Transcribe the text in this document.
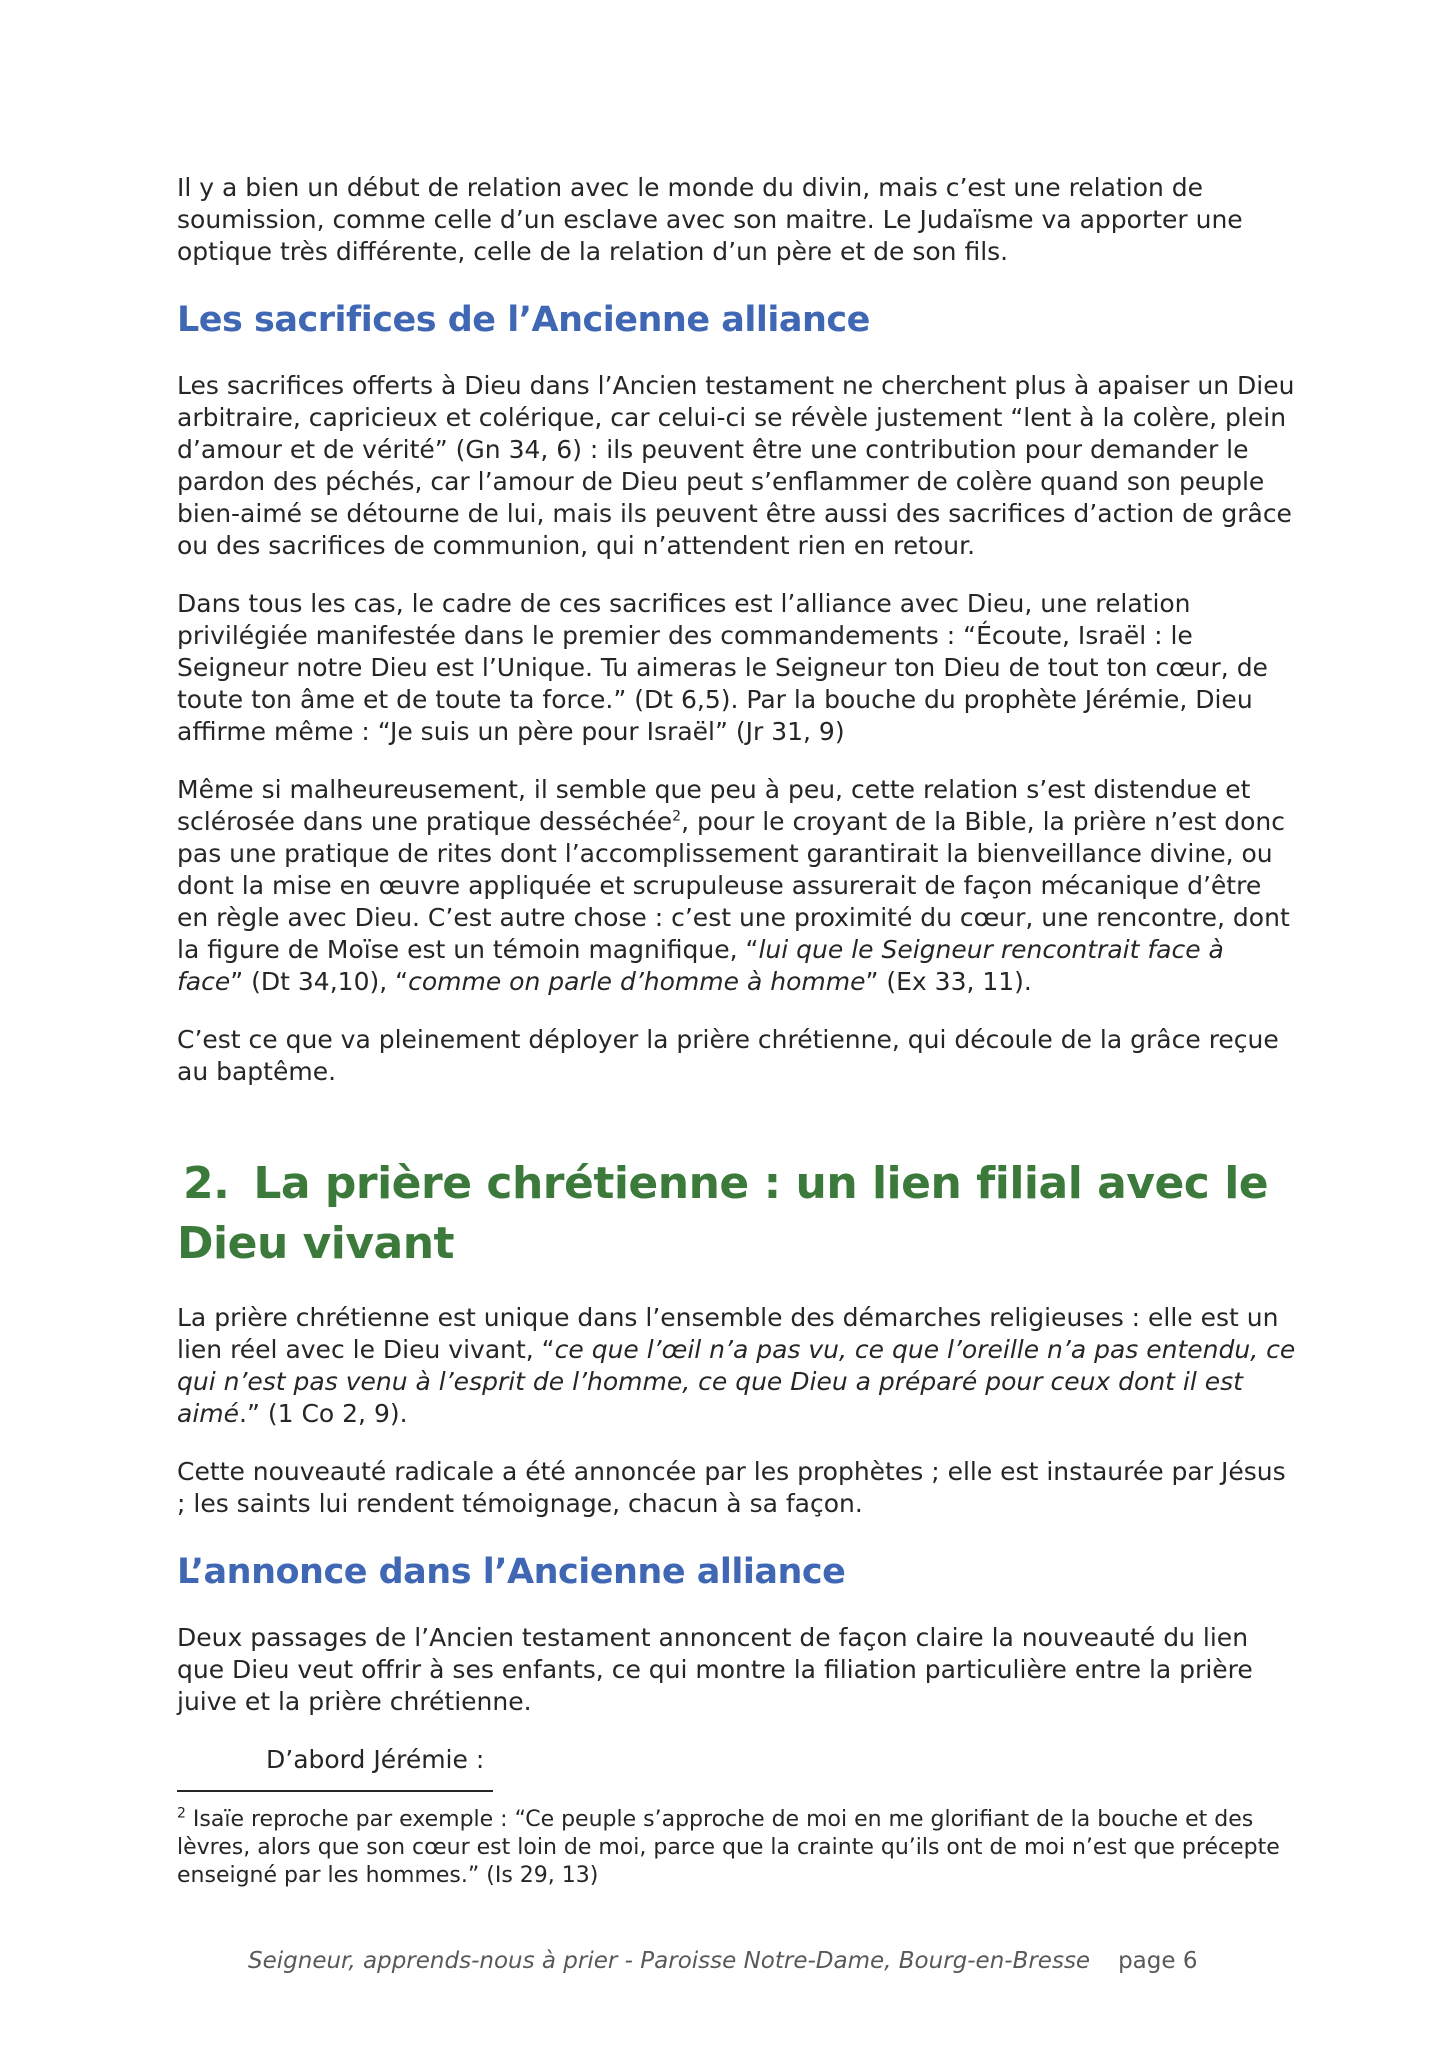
Il y a bien un début de relation avec le monde du divin, mais c’est une relation de soumission, comme celle d’un esclave avec son maitre. Le Judaïsme va apporter une optique très différente, celle de la relation d’un père et de son fils.

Les sacrifices de l’Ancienne alliance

Les sacrifices offerts à Dieu dans l’Ancien testament ne cherchent plus à apaiser un Dieu arbitraire, capricieux et colérique, car celui-ci se révèle justement “lent à la colère, plein d’amour et de vérité” (Gn 34, 6) : ils peuvent être une contribution pour demander le pardon des péchés, car l’amour de Dieu peut s’enflammer de colère quand son peuple bien-aimé se détourne de lui, mais ils peuvent être aussi des sacrifices d’action de grâce ou des sacrifices de communion, qui n’attendent rien en retour.

Dans tous les cas, le cadre de ces sacrifices est l’alliance avec Dieu, une relation privilégiée manifestée dans le premier des commandements : “Écoute, Israël : le Seigneur notre Dieu est l’Unique. Tu aimeras le Seigneur ton Dieu de tout ton cœur, de toute ton âme et de toute ta force.” (Dt 6,5). Par la bouche du prophète Jérémie, Dieu affirme même : “Je suis un père pour Israël” (Jr 31, 9)

Même si malheureusement, il semble que peu à peu, cette relation s’est distendue et sclérosée dans une pratique desséchée$^2$, pour le croyant de la Bible, la prière n’est donc pas une pratique de rites dont l’accomplissement garantirait la bienveillance divine, ou dont la mise en œuvre appliquée et scrupuleuse assurerait de façon mécanique d’être en règle avec Dieu. C’est autre chose : c’est une proximité du cœur, une rencontre, dont la figure de Moïse est un témoin magnifique, “lui que le Seigneur rencontrait face à face” (Dt 34,10), “comme on parle d’homme à homme” (Ex 33, 11).

C’est ce que va pleinement déployer la prière chrétienne, qui découle de la grâce reçue au baptême.

2. La prière chrétienne : un lien filial avec le Dieu vivant

La prière chrétienne est unique dans l’ensemble des démarches religieuses : elle est un lien réel avec le Dieu vivant, “ce que l’œil n’a pas vu, ce que l’oreille n’a pas entendu, ce qui n’est pas venu à l’esprit de l’homme, ce que Dieu a préparé pour ceux dont il est aimé.” (1 Co 2, 9).

Cette nouveauté radicale a été annoncée par les prophètes ; elle est instaurée par Jésus ; les saints lui rendent témoignage, chacun à sa façon.

L’annonce dans l’Ancienne alliance

Deux passages de l’Ancien testament annoncent de façon claire la nouveauté du lien que Dieu veut offrir à ses enfants, ce qui montre la filiation particulière entre la prière juive et la prière chrétienne.

D’abord Jérémie :

$^2$ Isaïe reproche par exemple : “Ce peuple s’approche de moi en me glorifiant de la bouche et des lèvres, alors que son cœur est loin de moi, parce que la crainte qu’ils ont de moi n’est que précepte enseigné par les hommes.” (Is 29, 13)
Seigneur, apprends-nous à prier - Paroisse Notre-Dame, Bourg-en-Bresse page 6
